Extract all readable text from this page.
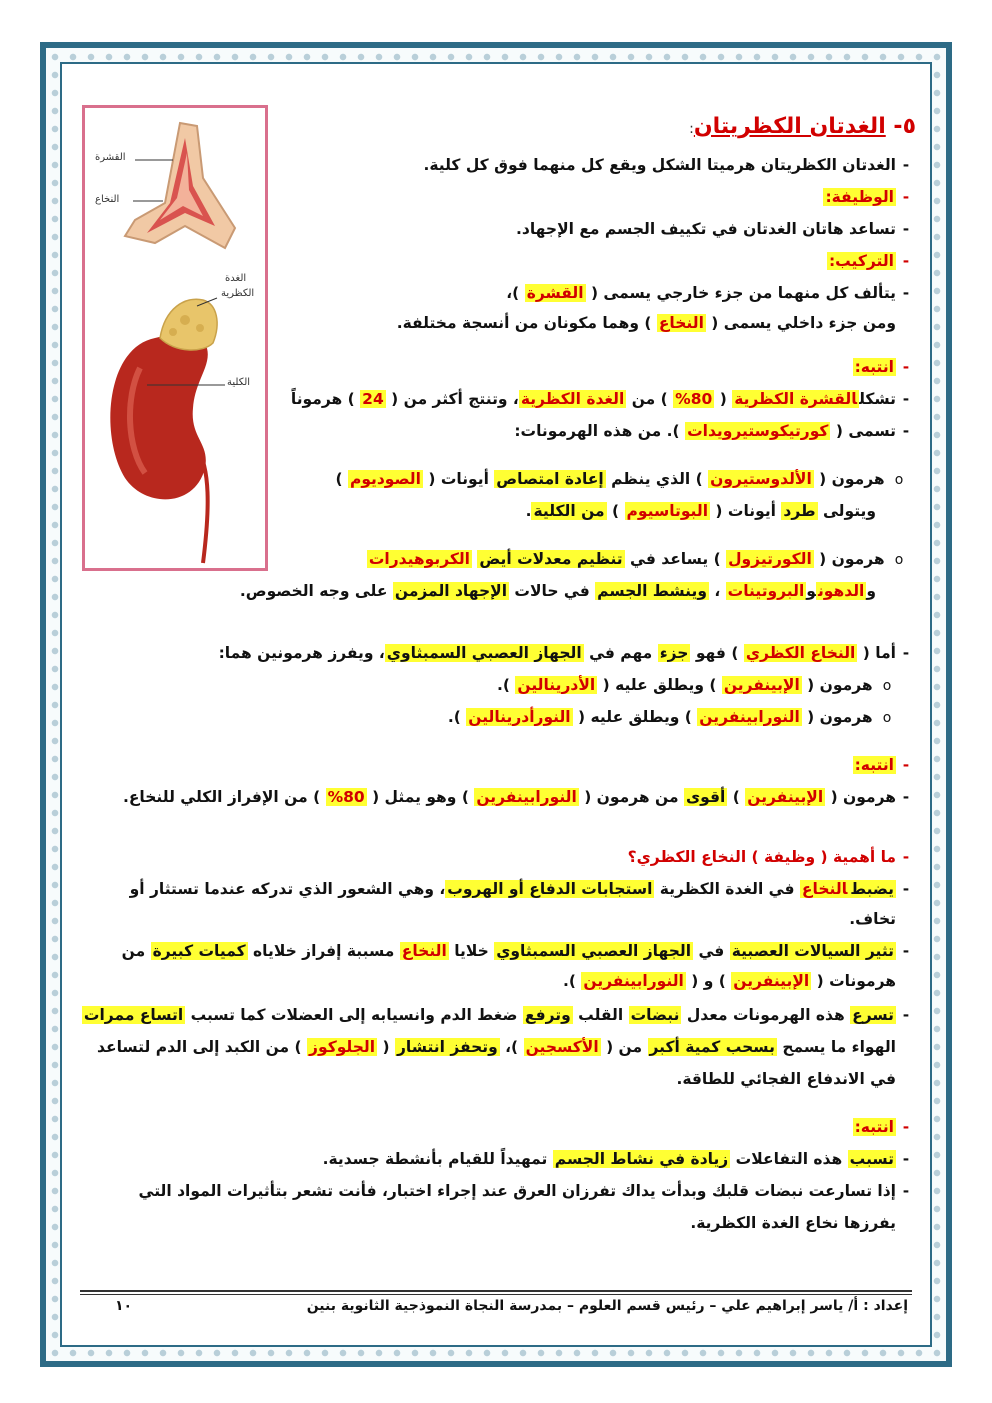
القشرة
النخاع
الغدة
الكظرية
الكلية
٥- الغدتان الكظريتان:
-الغدتان الكظريتان هرميتا الشكل ويقع كل منهما فوق كل كلية.
-الوظيفة:
-تساعد هاتان الغدتان في تكييف الجسم مع الإجهاد.
-التركيب:
-يتألف كل منهما من جزء خارجي يسمى ( القشرة )،
ومن جزء داخلي يسمى ( النخاع ) وهما مكونان من أنسجة مختلفة.
-انتبه:
-تشكلالقشرة الكظرية ( 80% ) من الغدة الكظرية، وتنتج أكثر من ( 24 ) هرموناً
-تسمى ( كورتيكوستيرويدات ). من هذه الهرمونات:
o هرمون ( الألدوستيرون ) الذي ينظم إعادة امتصاص أيونات ( الصوديوم )
ويتولى طرد أيونات ( البوتاسيوم ) من الكلية.
o هرمون ( الكورتيزول ) يساعد في تنظيم معدلات أيض الكربوهيدرات
والدهونوالبروتينات ، وينشط الجسم في حالات الإجهاد المزمن على وجه الخصوص.
-أما ( النخاع الكظري ) فهو جزء مهم في الجهاز العصبي السمبثاوي، ويفرز هرمونين هما:
o هرمون ( الإبينفرين ) ويطلق عليه ( الأدرينالين ).
o هرمون ( النورابينفرين ) ويطلق عليه ( النورأدرينالين ).
-انتبه:
-هرمون ( الإبينفرين ) أقوى من هرمون ( النورابينفرين ) وهو يمثل ( 80% ) من الإفراز الكلي للنخاع.
-ما أهمية ( وظيفة ) النخاع الكظري؟
-يضبطالنخاع في الغدة الكظرية استجابات الدفاع أو الهروب، وهي الشعور الذي تدركه عندما تستثار أو
تخاف.
-تثير السيالات العصبية في الجهاز العصبي السمبثاوي خلايا النخاع مسببة إفراز خلاياه كميات كبيرة من
هرمونات ( الإبينفرين ) و ( النورابينفرين ).
-تسرع هذه الهرمونات معدل نبضات القلب وترفع ضغط الدم وانسيابه إلى العضلات كما تسبب اتساع ممرات
الهواء ما يسمح بسحب كمية أكبر من ( الأكسجين )، وتحفز انتشار ( الجلوكوز ) من الكبد إلى الدم لتساعد
في الاندفاع الفجائي للطاقة.
-انتبه:
-تسبب هذه التفاعلات زيادة في نشاط الجسم تمهيداً للقيام بأنشطة جسدية.
-إذا تسارعت نبضات قلبك وبدأت يداك تفرزان العرق عند إجراء اختبار، فأنت تشعر بتأثيرات المواد التي
يفرزها نخاع الغدة الكظرية.
إعداد : أ/ ياسر إبراهيم علي – رئيس قسم العلوم – بمدرسة النجاة النموذجية الثانوية بنين
١٠
